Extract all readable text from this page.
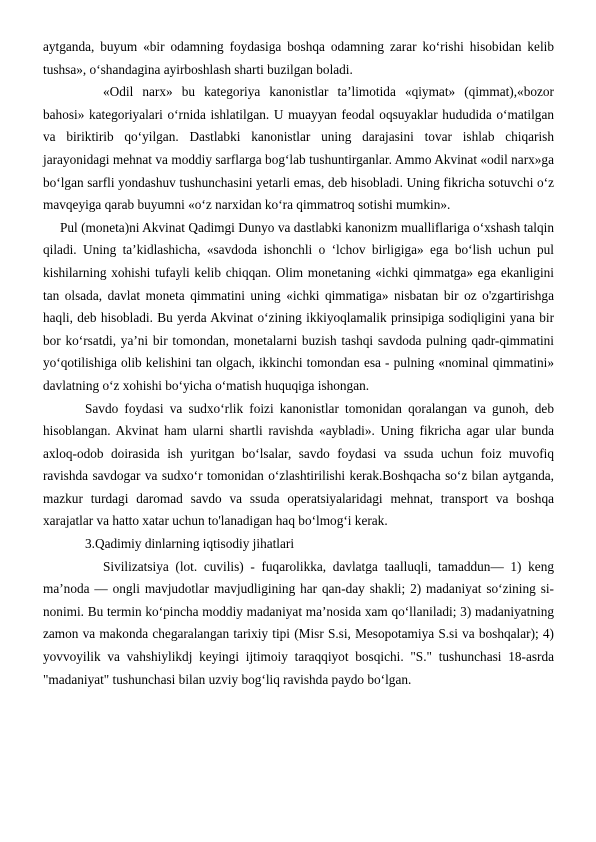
aytganda, buyum «bir odamning foydasiga boshqa odamning zarar ko‘rishi hisobidan kelib tushsa», o‘shandagina ayirboshlash sharti buzilgan boladi.

«Odil narx» bu kategoriya kanonistlar ta’limotida «qiymat» (qimmat),«bozor bahosi» kategoriyalari o‘rnida ishlatilgan. U muayyan feodal oqsuyaklar hududida o‘matilgan va biriktirib qo‘yilgan. Dastlabki kanonistlar uning darajasini tovar ishlab chiqarish jarayonidagi mehnat va moddiy sarflarga bog‘lab tushuntirganlar. Ammo Akvinat «odil narx»ga bo‘lgan sarfli yondashuv tushunchasini yetarli emas, deb hisobladi. Uning fikricha sotuvchi o‘z mavqeyiga qarab buyumni «o‘z narxidan ko‘ra qimmatroq sotishi mumkin».

Pul (moneta)ni Akvinat Qadimgi Dunyo va dastlabki kanonizm mualliflariga o‘xshash talqin qiladi. Uning ta’kidlashicha, «savdoda ishonchli o ‘lchov birligiga» ega bo‘lish uchun pul kishilarning xohishi tufayli kelib chiqqan. Olim monetaning «ichki qimmatga» ega ekanligini tan olsada, davlat moneta qimmatini uning «ichki qimmatiga» nisbatan bir oz o'zgartirishga haqli, deb hisobladi. Bu yerda Akvinat o‘zining ikkiyoqlamalik prinsipiga sodiqligini yana bir bor ko‘rsatdi, ya’ni bir tomondan, monetalarni buzish tashqi savdoda pulning qadr-qimmatini yo‘qotilishiga olib kelishini tan olgach, ikkinchi tomondan esa - pulning «nominal qimmatini» davlatning o‘z xohishi bo‘yicha o‘matish huquqiga ishongan.

Savdo foydasi va sudxo‘rlik foizi kanonistlar tomonidan qoralangan va gunoh, deb hisoblangan. Akvinat ham ularni shartli ravishda «aybladi». Uning fikricha agar ular bunda axloq-odob doirasida ish yuritgan bo‘lsalar, savdo foydasi va ssuda uchun foiz muvofiq ravishda savdogar va sudxo‘r tomonidan o‘zlashtirilishi kerak.Boshqacha so‘z bilan aytganda, mazkur turdagi daromad savdo va ssuda operatsiyalaridagi mehnat, transport va boshqa xarajatlar va hatto xatar uchun to'lanadigan haq bo‘lmog‘i kerak.

3.Qadimiy dinlarning iqtisodiy jihatlari

Sivilizatsiya (lot. cuvilis) - fuqarolikka, davlatga taalluqli, tamaddun— 1) keng ma’noda — ongli mavjudotlar mavjudligining har qan-day shakli; 2) madaniyat so‘zining si-nonimi. Bu termin ko‘pincha moddiy madaniyat ma’nosida xam qo‘llaniladi; 3) madaniyatning zamon va makonda chegaralangan tarixiy tipi (Misr S.si, Mesopotamiya S.si va boshqalar); 4) yovvoyilik va vahshiylikdj keyingi ijtimoiy taraqqiyot bosqichi. "S." tushunchasi 18-asrda "madaniyat" tushunchasi bilan uzviy bog‘liq ravishda paydo bo‘lgan.
